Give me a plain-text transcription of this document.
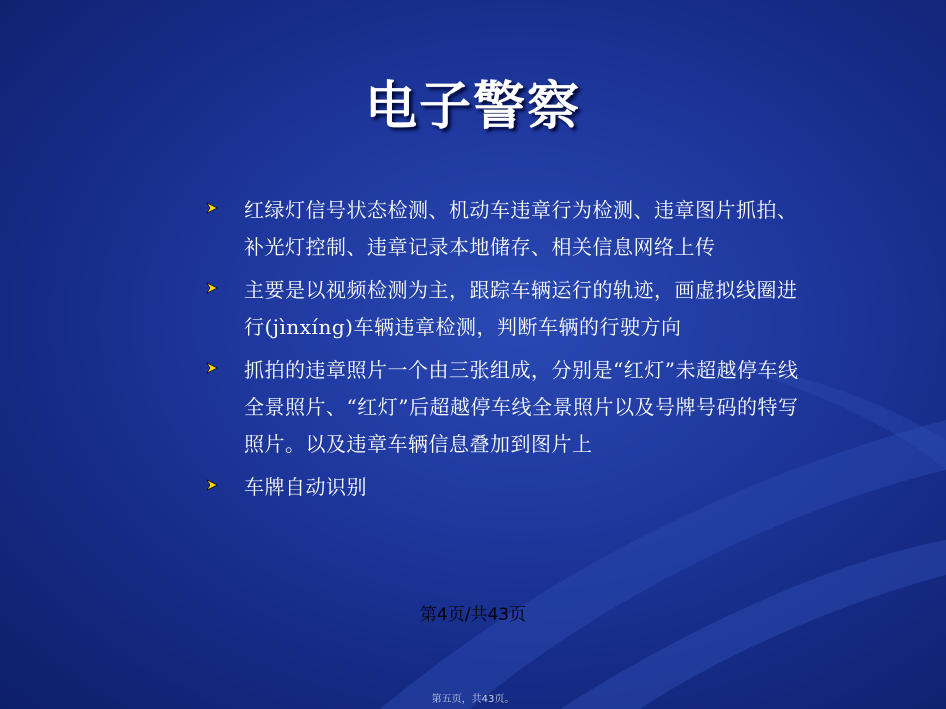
电子警察
红绿灯信号状态检测、机动车违章行为检测、违章图片抓拍、补光灯控制、违章记录本地储存、相关信息网络上传
主要是以视频检测为主，跟踪车辆运行的轨迹，画虚拟线圈进行(jìnxíng)车辆违章检测，判断车辆的行驶方向
抓拍的违章照片一个由三张组成，分别是“红灯”未超越停车线全景照片、“红灯”后超越停车线全景照片以及号牌号码的特写照片。以及违章车辆信息叠加到图片上
车牌自动识别
第4页/共43页
第五页，共43页。
